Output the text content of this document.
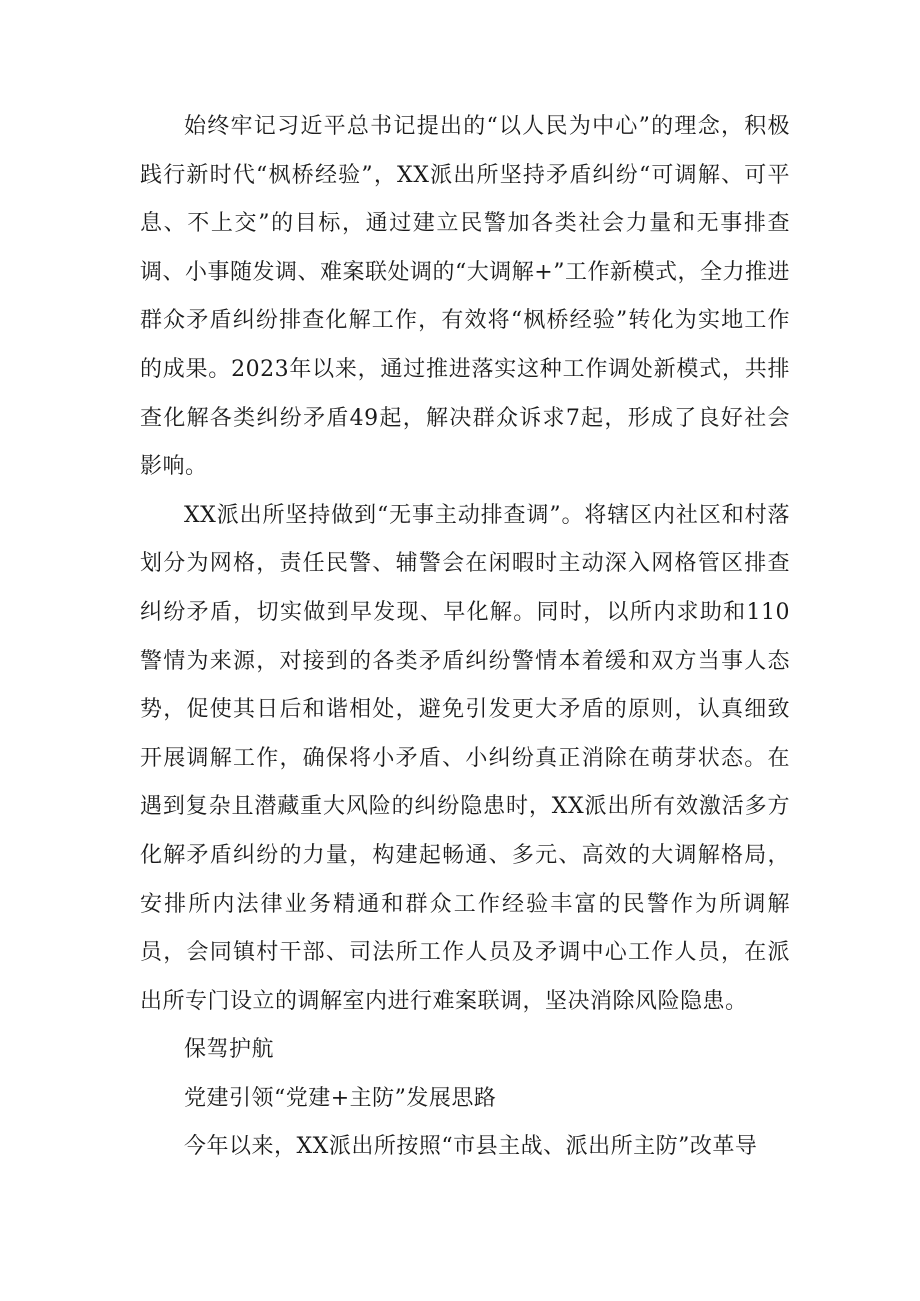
始终牢记习近平总书记提出的“以人民为中心”的理念，积极践行新时代“枫桥经验”，XX派出所坚持矛盾纠纷“可调解、可平息、不上交”的目标，通过建立民警加各类社会力量和无事排查调、小事随发调、难案联处调的“大调解+”工作新模式，全力推进群众矛盾纠纷排查化解工作，有效将“枫桥经验”转化为实地工作的成果。2023年以来，通过推进落实这种工作调处新模式，共排查化解各类纠纷矛盾49起，解决群众诉求7起，形成了良好社会影响。

XX派出所坚持做到“无事主动排查调”。将辖区内社区和村落划分为网格，责任民警、辅警会在闲暇时主动深入网格管区排查纠纷矛盾，切实做到早发现、早化解。同时，以所内求助和110警情为来源，对接到的各类矛盾纠纷警情本着缓和双方当事人态势，促使其日后和谐相处，避免引发更大矛盾的原则，认真细致开展调解工作，确保将小矛盾、小纠纷真正消除在萌芽状态。在遇到复杂且潜藏重大风险的纠纷隐患时，XX派出所有效激活多方化解矛盾纠纷的力量，构建起畅通、多元、高效的大调解格局，安排所内法律业务精通和群众工作经验丰富的民警作为所调解员，会同镇村干部、司法所工作人员及矛调中心工作人员，在派出所专门设立的调解室内进行难案联调，坚决消除风险隐患。

保驾护航

党建引领“党建+主防”发展思路

今年以来，XX派出所按照“市县主战、派出所主防”改革导
